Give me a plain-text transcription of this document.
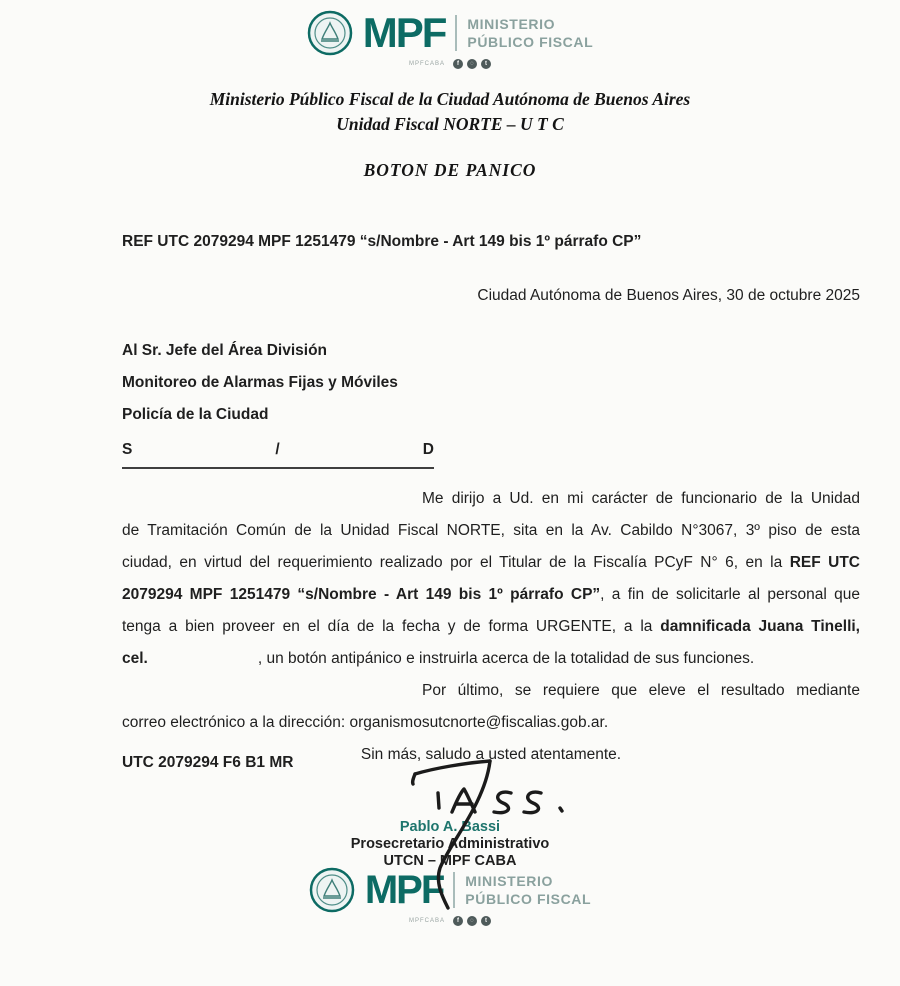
MPF MINISTERIO
PÚBLICO FISCAL
MPFCABA	f	◌	t
Ministerio Público Fiscal de la Ciudad Autónoma de Buenos Aires
Unidad Fiscal NORTE – U T C
BOTON DE PANICO
REF UTC 2079294 MPF 1251479 “s/Nombre - Art 149 bis 1º párrafo CP”
Ciudad Autónoma de Buenos Aires, 30 de octubre 2025
Al Sr. Jefe del Área División
Monitoreo de Alarmas Fijas y Móviles
Policía de la Ciudad
S	/	D
Me dirijo a Ud. en mi carácter de funcionario de la Unidad
de Tramitación Común de la Unidad Fiscal NORTE, sita en la Av. Cabildo N°3067, 3º piso de esta
ciudad, en virtud del requerimiento realizado por el Titular de la Fiscalía PCyF N° 6, en la REF UTC
2079294 MPF 1251479 “s/Nombre - Art 149 bis 1º párrafo CP”, a fin de solicitarle al personal que
tenga a bien proveer en el día de la fecha y de forma URGENTE, a la damnificada Juana Tinelli,
cel.	, un botón antipánico e instruirla acerca de la totalidad de sus funciones.
Por último, se requiere que eleve el resultado mediante
correo electrónico a la dirección: organismosutcnorte@fiscalias.gob.ar.
Sin más, saludo a usted atentamente.
UTC 2079294 F6 B1 MR
Pablo A. Bassi
Prosecretario Administrativo
UTCN – MPF CABA
MPF MINISTERIO
PÚBLICO FISCAL
MPFCABA	f	◌	t
